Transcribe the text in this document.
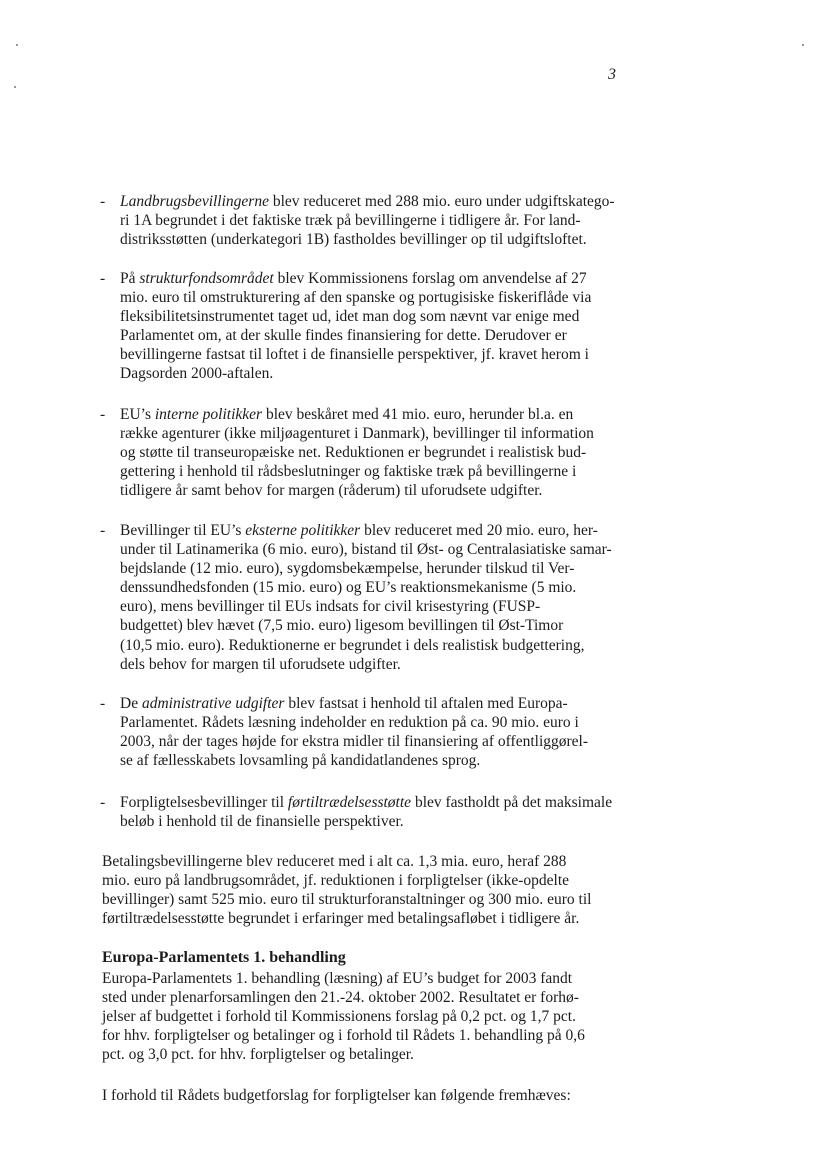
3
- Landbrugsbevillingerne blev reduceret med 288 mio. euro under udgiftskatego-
ri 1A begrundet i det faktiske træk på bevillingerne i tidligere år. For land-
distriksstøtten (underkategori 1B) fastholdes bevillinger op til udgiftsloftet.
- På strukturfondsområdet blev Kommissionens forslag om anvendelse af 27
mio. euro til omstrukturering af den spanske og portugisiske fiskeriflåde via
fleksibilitetsinstrumentet taget ud, idet man dog som nævnt var enige med
Parlamentet om, at der skulle findes finansiering for dette. Derudover er
bevillingerne fastsat til loftet i de finansielle perspektiver, jf. kravet herom i
Dagsorden 2000-aftalen.
- EU’s interne politikker blev beskåret med 41 mio. euro, herunder bl.a. en
række agenturer (ikke miljøagenturet i Danmark), bevillinger til information
og støtte til transeuropæiske net. Reduktionen er begrundet i realistisk bud-
gettering i henhold til rådsbeslutninger og faktiske træk på bevillingerne i
tidligere år samt behov for margen (råderum) til uforudsete udgifter.
- Bevillinger til EU’s eksterne politikker blev reduceret med 20 mio. euro, her-
under til Latinamerika (6 mio. euro), bistand til Øst- og Centralasiatiske samar-
bejdslande (12 mio. euro), sygdomsbekæmpelse, herunder tilskud til Ver-
denssundhedsfonden (15 mio. euro) og EU’s reaktionsmekanisme (5 mio.
euro), mens bevillinger til EUs indsats for civil krisestyring (FUSP-
budgettet) blev hævet (7,5 mio. euro) ligesom bevillingen til Øst-Timor
(10,5 mio. euro). Reduktionerne er begrundet i dels realistisk budgettering,
dels behov for margen til uforudsete udgifter.
- De administrative udgifter blev fastsat i henhold til aftalen med Europa-
Parlamentet. Rådets læsning indeholder en reduktion på ca. 90 mio. euro i
2003, når der tages højde for ekstra midler til finansiering af offentliggørel-
se af fællesskabets lovsamling på kandidatlandenes sprog.
- Forpligtelsesbevillinger til førtiltrædelsesstøtte blev fastholdt på det maksimale
beløb i henhold til de finansielle perspektiver.
Betalingsbevillingerne blev reduceret med i alt ca. 1,3 mia. euro, heraf 288
mio. euro på landbrugsområdet, jf. reduktionen i forpligtelser (ikke-opdelte
bevillinger) samt 525 mio. euro til strukturforanstaltninger og 300 mio. euro til
førtiltrædelsesstøtte begrundet i erfaringer med betalingsafløbet i tidligere år.
Europa-Parlamentets 1. behandling
Europa-Parlamentets 1. behandling (læsning) af EU’s budget for 2003 fandt
sted under plenarforsamlingen den 21.-24. oktober 2002. Resultatet er forhø-
jelser af budgettet i forhold til Kommissionens forslag på 0,2 pct. og 1,7 pct.
for hhv. forpligtelser og betalinger og i forhold til Rådets 1. behandling på 0,6
pct. og 3,0 pct. for hhv. forpligtelser og betalinger.
I forhold til Rådets budgetforslag for forpligtelser kan følgende fremhæves:
